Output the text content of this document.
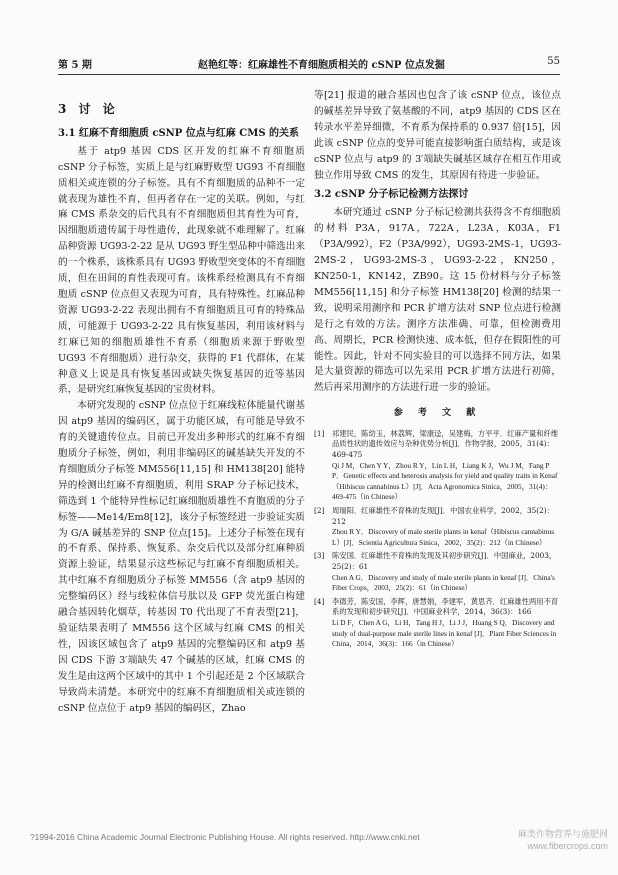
第 5 期	赵艳红等：红麻雄性不育细胞质相关的 cSNP 位点发掘	55
3 讨 论
3.1 红麻不育细胞质 cSNP 位点与红麻 CMS 的关系

基于 atp9 基因 CDS 区开发的红麻不育细胞质 cSNP 分子标签，实质上是与红麻野败型 UG93 不育细胞质相关或连锁的分子标签。具有不育细胞质的品种不一定就表现为雄性不育，但再者存在一定的关联。例如，与红麻 CMS 系杂交的后代具有不育细胞质但其育性为可育，因细胞质遗传属于母性遗传，此现象就不难理解了。红麻品种资源 UG93-2-22 是从 UG93 野生型品种中筛选出来的一个株系，该株系具有 UG93 野败型突变体的不育细胞质，但在田间的育性表现可育。该株系经检测具有不育细胞质 cSNP 位点但又表现为可育，具有特殊性。红麻品种资源 UG93-2-22 表现出拥有不育细胞质且可育的特殊品质，可能源于 UG93-2-22 具有恢复基因，利用该材料与红麻已知的细胞质雄性不育系（细胞质来源于野败型 UG93 不育细胞质）进行杂交，获得的 F1 代群体，在某种意义上说是具有恢复基因或缺失恢复基因的近等基因系，是研究红麻恢复基因的宝贵材料。

本研究发现的 cSNP 位点位于红麻线粒体能量代谢基因 atp9 基因的编码区，属于功能区域，有可能是导致不育的关键遗传位点。目前已开发出多种形式的红麻不育细胞质分子标签，例如，利用非编码区的碱基缺失开发的不育细胞质分子标签 MM556[11,15] 和 HM138[20] 能特异的检测出红麻不育细胞质，利用 SRAP 分子标记技术，筛选到 1 个能特异性标记红麻细胞质雄性不育胞质的分子标签——Me14/Em8[12]，该分子标签经进一步验证实质为 G/A 碱基差异的 SNP 位点[15]。上述分子标签在现有的不育系、保持系、恢复系、杂交后代以及部分红麻种质资源上验证，结果显示这些标记与红麻不育细胞质相关。其中红麻不育细胞质分子标签 MM556（含 atp9 基因的完整编码区）经与线粒体信号肽以及 GFP 荧光蛋白构建融合基因转化烟草，转基因 T0 代出现了不育表型[21]，验证结果表明了 MM556 这个区域与红麻 CMS 的相关性，因该区域包含了 atp9 基因的完整编码区和 atp9 基因 CDS 下游 3′端缺失 47 个碱基的区域，红麻 CMS 的发生是由这两个区域中的其中 1 个引起还是 2 个区域联合导致尚未清楚。本研究中的红麻不育细胞质相关或连锁的 cSNP 位点位于 atp9 基因的编码区，Zhao

等[21] 报道的融合基因也包含了该 cSNP 位点，该位点的碱基差异导致了氨基酸的不同，atp9 基因的 CDS 区在转录水平差异细微，不育系为保持系的 0.937 倍[15]，因此该 cSNP 位点的变异可能直接影响蛋白质结构，或是该 cSNP 位点与 atp9 的 3′端缺失碱基区域存在相互作用或独立作用导致 CMS 的发生，其原因有待进一步验证。

3.2 cSNP 分子标记检测方法探讨

本研究通过 cSNP 分子标记检测共获得含不育细胞质的材料 P3A，917A，722A，L23A，K03A，F1（P3A/992），F2（P3A/992），UG93-2MS-1，UG93-2MS-2，UG93-2MS-3，UG93-2-22，KN250，KN250-1，KN142，ZB90。这 15 份材料与分子标签 MM556[11,15] 和分子标签 HM138[20] 检测的结果一致，说明采用测序和 PCR 扩增方法对 SNP 位点进行检测是行之有效的方法。测序方法准确、可靠，但检测费用高、周期长，PCR 检测快速、成本低，但存在假阳性的可能性。因此，针对不同实验目的可以选择不同方法，如果是大量资源的筛选可以先采用 PCR 扩增方法进行初筛，然后再采用测序的方法进行进一步的验证。

参 考 文 献
[1]	祁建民，陈幼玉，林荔辉，梁康迳，吴建梅，方平平．红麻产量和纤维品质性状的遗传效应与杂种优势分析[J]．作物学报，2005，31(4)：469-475
Qi J M，Chen Y Y，Zhou R Y，Lin L H，Liang K J，Wu J M，Fang P P．Genetic effects and heterosis analysis for yield and quality traits in Kenaf（Hibiscus cannabinus L）[J]．Acta Agronomica Sinica，2005，31(4)：469-475（in Chinese）
[2]	周瑞阳．红麻雄性不育株的发现[J]．中国农业科学，2002，35(2)：212
Zhou R Y．Discovery of male sterile plants in kenaf（Hibiscus cannabinus L）[J]．Scientia Agricultura Sinica，2002，35(2)：212（in Chinese）
[3]	陈安国．红麻雄性不育株的发现及其初步研究[J]．中国麻业，2003，25(2)：61
Chen A G．Discovery and study of male sterile plants in kenaf [J]．China's Fiber Crops，2003，25(2)：61（in Chinese）
[4]	李德芳，陈安国，李辉，唐慧娟，李建军，黄思齐．红麻雄性两用不育系的发现和初步研究[J]．中国麻业科学，2014，36(3)：166
Li D F，Chen A G，Li H，Tang H J，Li J J，Huang S Q．Discovery and study of dual-purpose male sterile lines in kenaf [J]．Plant Fiber Sciences in China，2014，36(3)：166（in Chinese）
?1994-2016 China Academic Journal Electronic Publishing House. All rights reserved. http://www.cnki.net	麻类作物营养与施肥网
www.fibercrops.com
